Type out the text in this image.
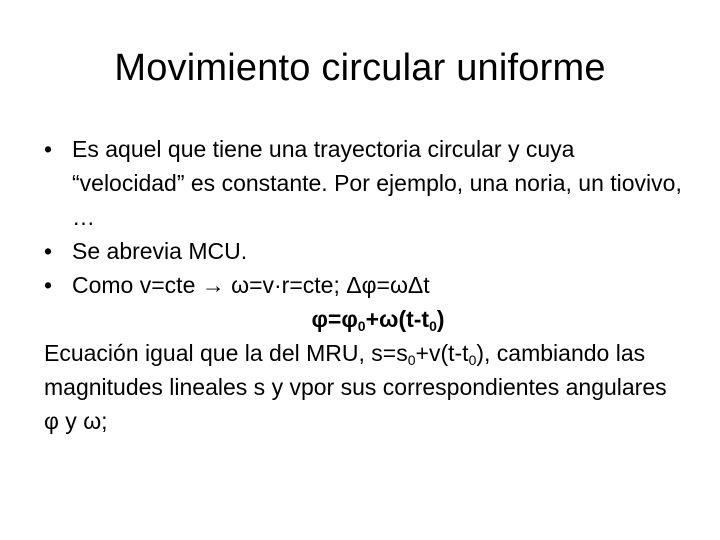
Movimiento circular uniforme
• Es aquel que tiene una trayectoria circular y cuya “velocidad” es constante. Por ejemplo, una noria, un tiovivo, …
• Se abrevia MCU.
• Como v=cte → ω=v·r=cte; Δφ=ωΔt
$\varphi=\varphi_0+\omega(t-t_0)$
Ecuación igual que la del MRU, $s=s_0+v(t-t_0)$, cambiando las magnitudes lineales s y vpor sus correspondientes angulares φ y ω;
